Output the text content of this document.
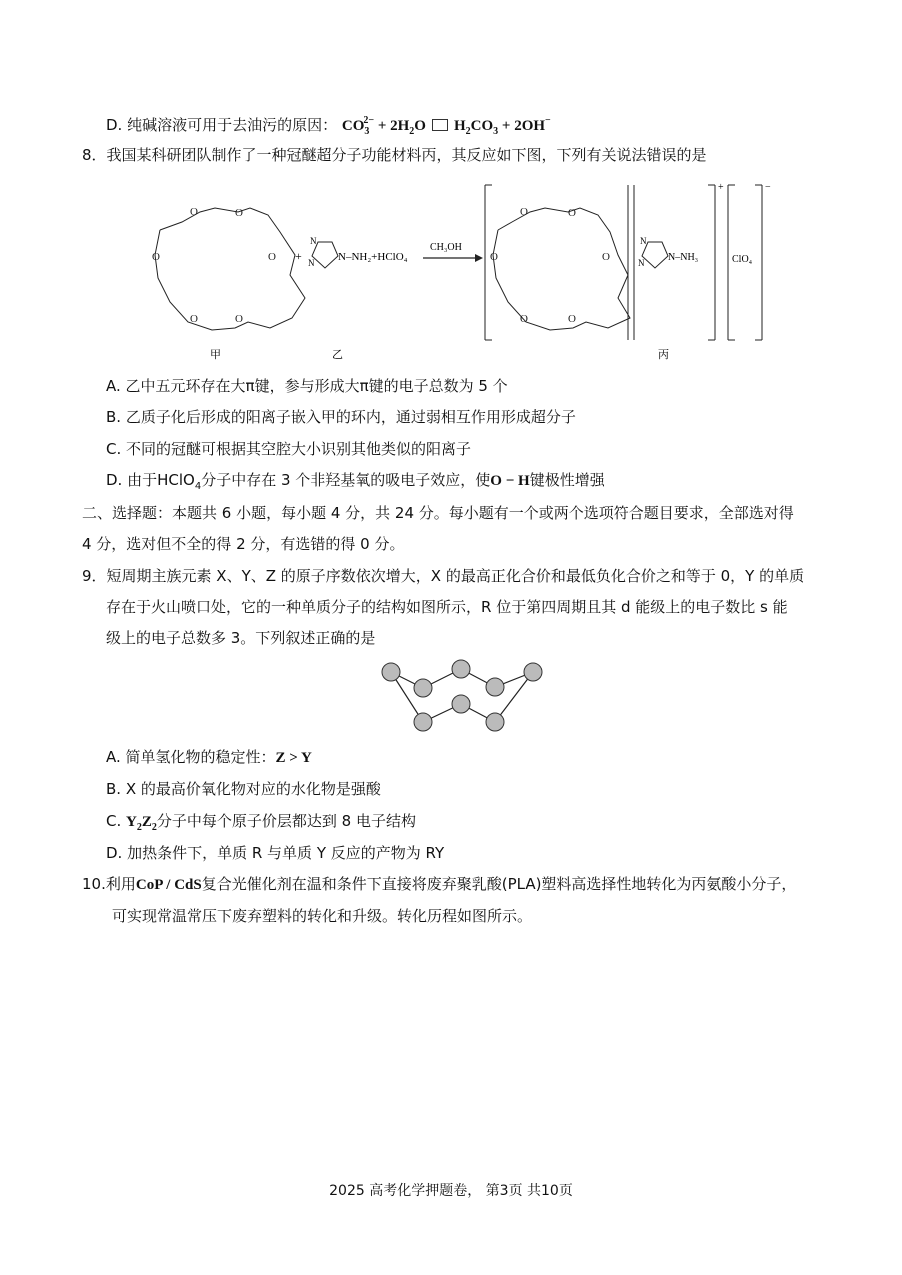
D. 纯碱溶液可用于去油污的原因： $CO_3^{2-} + 2H_2O$ $H_2CO_3 + 2OH^-$
8．我国某科研团队制作了一种冠醚超分子功能材料丙，其反应如下图，下列有关说法错误的是
O	O
O	O
O	O
+
N
N N–NH₂+HClO₄
CH₃OH
O	O
O	O
O	O
N
N N–NH₃
+
ClO₄
−
甲	乙	丙
A. 乙中五元环存在大π键，参与形成大π键的电子总数为 5 个
B. 乙质子化后形成的阳离子嵌入甲的环内，通过弱相互作用形成超分子
C. 不同的冠醚可根据其空腔大小识别其他类似的阳离子
D. 由于HClO$_4$分子中存在 3 个非羟基氧的吸电子效应，使O − H键极性增强
二、选择题：本题共 6 小题，每小题 4 分，共 24 分。每小题有一个或两个选项符合题目要求，全部选对得
4 分，选对但不全的得 2 分，有选错的得 0 分。
9．短周期主族元素 X、Y、Z 的原子序数依次增大，X 的最高正化合价和最低负化合价之和等于 0，Y 的单质
存在于火山喷口处，它的一种单质分子的结构如图所示，R 位于第四周期且其 d 能级上的电子数比 s 能
级上的电子总数多 3。下列叙述正确的是
A. 简单氢化物的稳定性：Z > Y
B. X 的最高价氧化物对应的水化物是强酸
C. $Y_2Z_2$分子中每个原子价层都达到 8 电子结构
D. 加热条件下，单质 R 与单质 Y 反应的产物为 RY
10.利用CoP / CdS复合光催化剂在温和条件下直接将废弃聚乳酸(PLA)塑料高选择性地转化为丙氨酸小分子，
可实现常温常压下废弃塑料的转化和升级。转化历程如图所示。
2025 高考化学押题卷， 第3页 共10页
